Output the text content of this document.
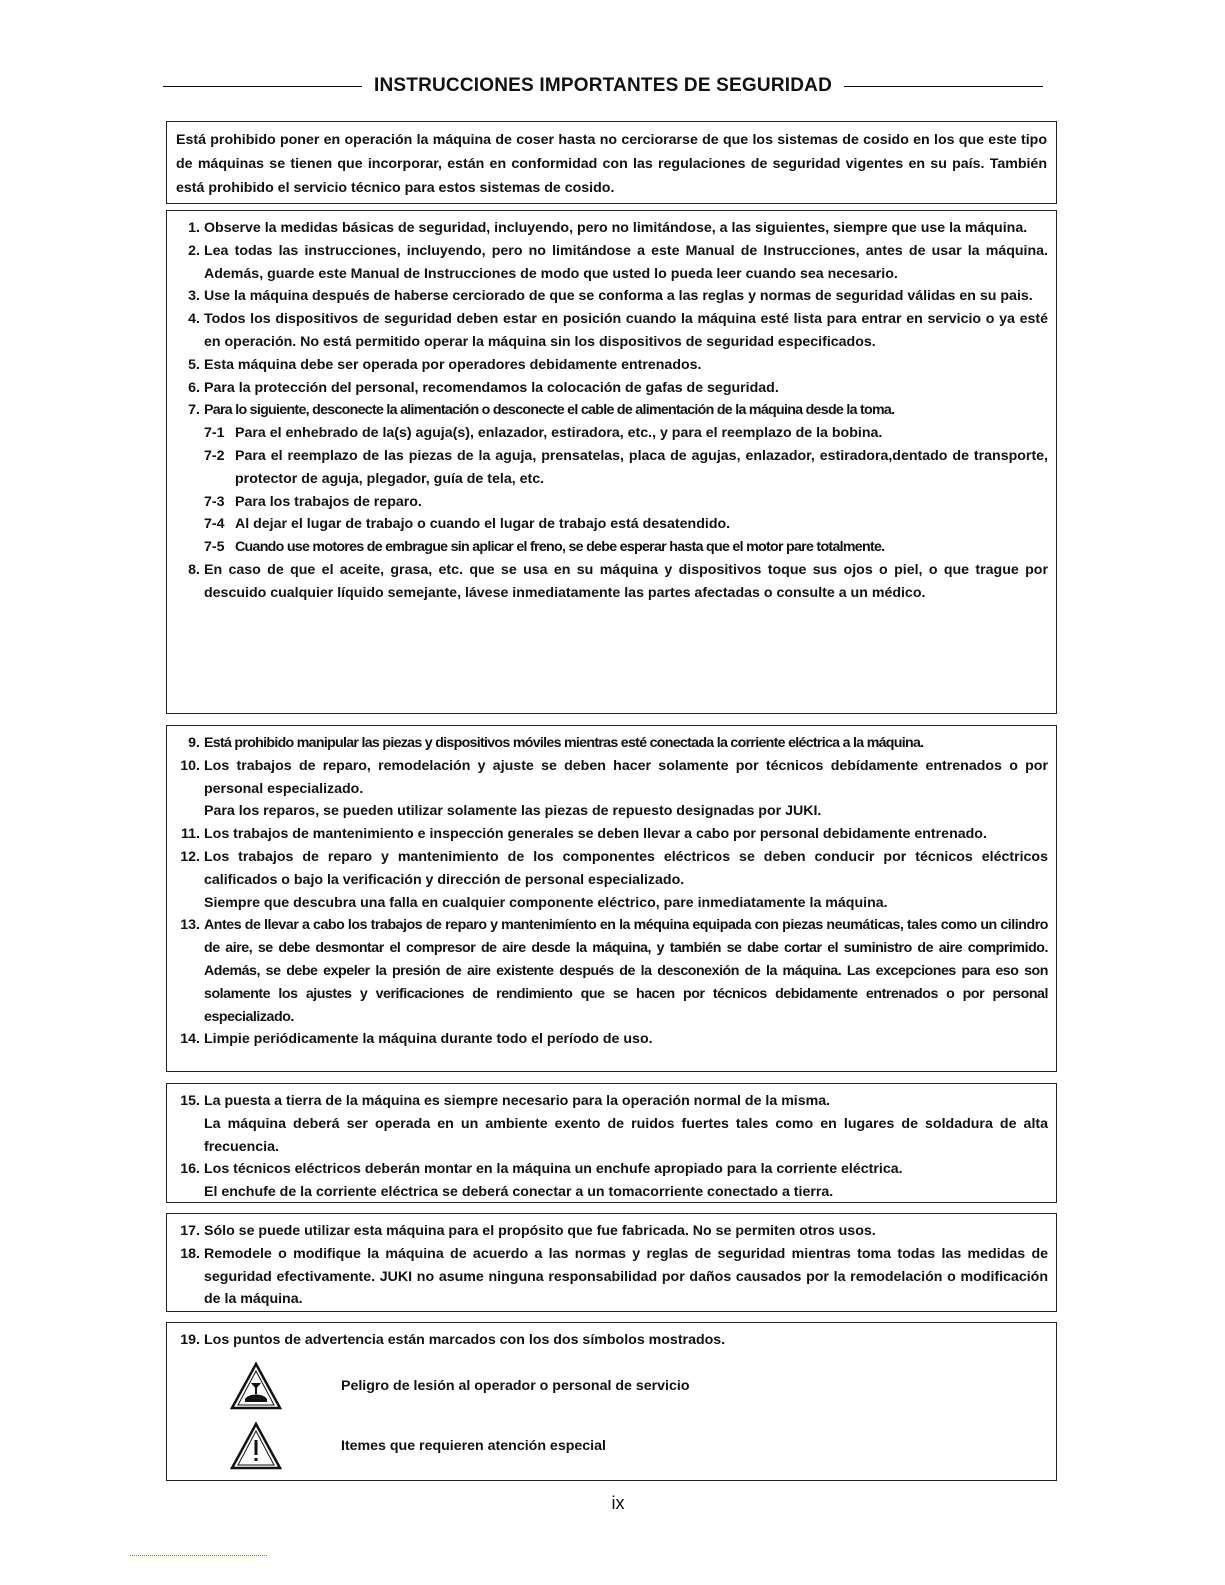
INSTRUCCIONES IMPORTANTES DE SEGURIDAD

Está prohibido poner en operación la máquina de coser hasta no cerciorarse de que los sistemas de cosido en los que este tipo de máquinas se tienen que incorporar, están en conformidad con las regulaciones de seguridad vigentes en su país. También está prohibido el servicio técnico para estos sistemas de cosido.

1. Observe la medidas básicas de seguridad, incluyendo, pero no limitándose, a las siguientes, siempre que use la máquina.
2. Lea todas las instrucciones, incluyendo, pero no limitándose a este Manual de Instrucciones, antes de usar la máquina. Además, guarde este Manual de Instrucciones de modo que usted lo pueda leer cuando sea necesario.
3. Use la máquina después de haberse cerciorado de que se conforma a las reglas y normas de seguridad válidas en su pais.
4. Todos los dispositivos de seguridad deben estar en posición cuando la máquina esté lista para entrar en servicio o ya esté en operación. No está permitido operar la máquina sin los dispositivos de seguridad especificados.
5. Esta máquina debe ser operada por operadores debidamente entrenados.
6. Para la protección del personal, recomendamos la colocación de gafas de seguridad.
7. Para lo siguiente, desconecte la alimentación o desconecte el cable de alimentación de la máquina desde la toma.

7-1 Para el enhebrado de la(s) aguja(s), enlazador, estiradora, etc., y para el reemplazo de la bobina.
7-2 Para el reemplazo de las piezas de la aguja, prensatelas, placa de agujas, enlazador, estiradora,dentado de transporte, protector de aguja, plegador, guía de tela, etc.
7-3 Para los trabajos de reparo.
7-4 Al dejar el lugar de trabajo o cuando el lugar de trabajo está desatendido.
7-5 Cuando use motores de embrague sin aplicar el freno, se debe esperar hasta que el motor pare totalmente.
8. En caso de que el aceite, grasa, etc. que se usa en su máquina y dispositivos toque sus ojos o piel, o que trague por descuido cualquier líquido semejante, lávese inmediatamente las partes afectadas o consulte a un médico.
9. Está prohibido manipular las piezas y dispositivos móviles mientras esté conectada la corriente eléctrica a la máquina.
10. Los trabajos de reparo, remodelación y ajuste se deben hacer solamente por técnicos debídamente entrenados o por personal especializado.

Para los reparos, se pueden utilizar solamente las piezas de repuesto designadas por JUKI.

11. Los trabajos de mantenimiento e inspección generales se deben llevar a cabo por personal debidamente entrenado.
12. Los trabajos de reparo y mantenimiento de los componentes eléctricos se deben conducir por técnicos eléctricos calificados o bajo la verificación y dirección de personal especializado.

Siempre que descubra una falla en cualquier componente eléctrico, pare inmediatamente la máquina.

13. Antes de llevar a cabo los trabajos de reparo y mantenimíento en la méquina equipada con piezas neumáticas, tales como un cilindro de aire, se debe desmontar el compresor de aire desde la máquina, y también se dabe cortar el suministro de aire comprimido. Además, se debe expeler la presión de aire existente después de la desconexión de la máquina. Las excepciones para eso son solamente los ajustes y verificaciones de rendimiento que se hacen por técnicos debidamente entrenados o por personal especializado.
14. Limpie periódicamente la máquina durante todo el período de uso.
15. La puesta a tierra de la máquina es siempre necesario para la operación normal de la misma.

La máquina deberá ser operada en un ambiente exento de ruidos fuertes tales como en lugares de soldadura de alta frecuencia.

16. Los técnicos eléctricos deberán montar en la máquina un enchufe apropiado para la corriente eléctrica.

El enchufe de la corriente eléctrica se deberá conectar a un tomacorriente conectado a tierra.

17. Sólo se puede utilizar esta máquina para el propósito que fue fabricada. No se permiten otros usos.
18. Remodele o modifique la máquina de acuerdo a las normas y reglas de seguridad mientras toma todas las medidas de seguridad efectivamente. JUKI no asume ninguna responsabilidad por daños causados por la remodelación o modificación de la máquina.
19. Los puntos de advertencia están marcados con los dos símbolos mostrados.
Peligro de lesión al operador o personal de servicio
Itemes que requieren atención especial
ix
